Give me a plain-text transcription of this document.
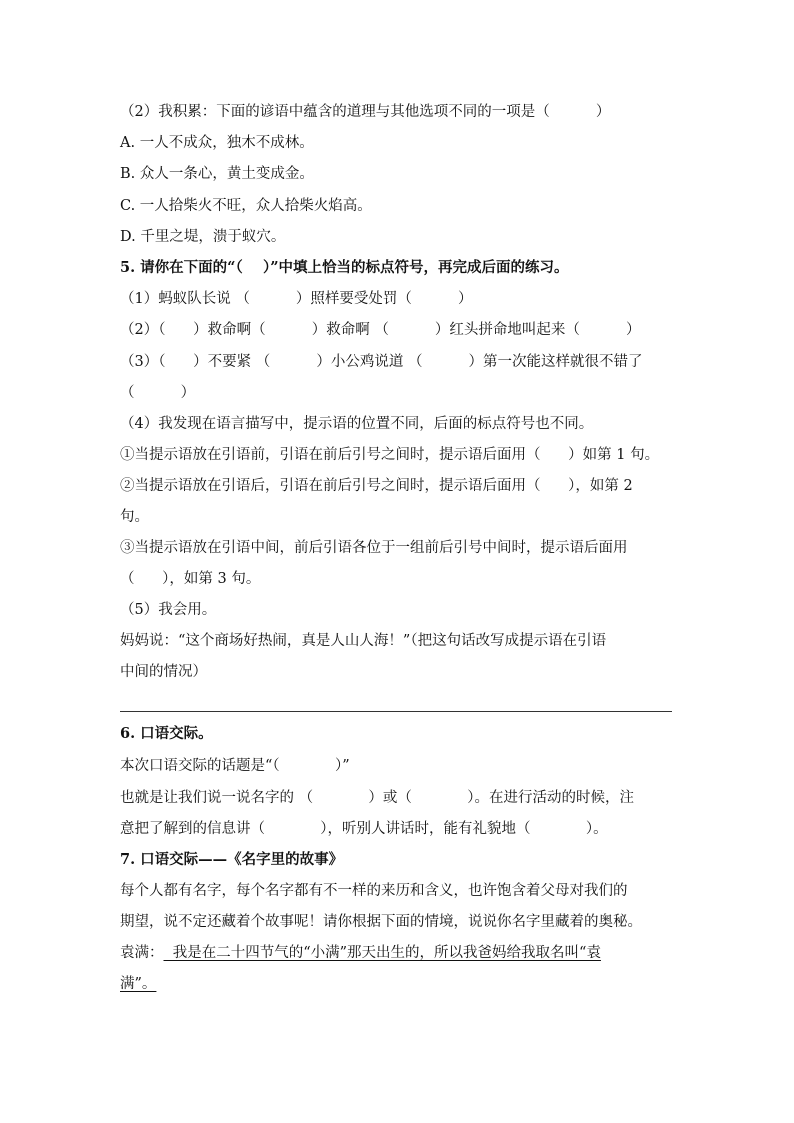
（2）我积累：下面的谚语中蕴含的道理与其他选项不同的一项是（          ）
A. 一人不成众，独木不成林。
B. 众人一条心，黄土变成金。
C. 一人拾柴火不旺，众人拾柴火焰高。
D. 千里之堤，溃于蚁穴。
5. 请你在下面的“（    ）”中填上恰当的标点符号，再完成后面的练习。
（1）蚂蚁队长说 （          ）照样要受处罚（          ）
（2）（      ）救命啊（          ）救命啊 （          ）红头拼命地叫起来（          ）
（3）（      ）不要紧 （          ）小公鸡说道 （          ）第一次能这样就很不错了
（          ）
（4）我发现在语言描写中，提示语的位置不同，后面的标点符号也不同。
①当提示语放在引语前，引语在前后引号之间时，提示语后面用（      ）如第 1 句。
②当提示语放在引语后，引语在前后引号之间时，提示语后面用（      ），如第 2
句。
③当提示语放在引语中间，前后引语各位于一组前后引号中间时，提示语后面用
（      ），如第 3 句。
（5）我会用。
妈妈说：“这个商场好热闹，真是人山人海！”（把这句话改写成提示语在引语
中间的情况）
6. 口语交际。
本次口语交际的话题是“（            ）”
也就是让我们说一说名字的 （            ）或（            ）。在进行活动的时候，注
意把了解到的信息讲（            ），听别人讲话时，能有礼貌地（            ）。
7. 口语交际——《名字里的故事》
每个人都有名字，每个名字都有不一样的来历和含义，也许饱含着父母对我们的
期望，说不定还藏着个故事呢！请你根据下面的情境，说说你名字里藏着的奥秘。
袁满：  我是在二十四节气的“小满”那天出生的，所以我爸妈给我取名叫“袁
满”。
